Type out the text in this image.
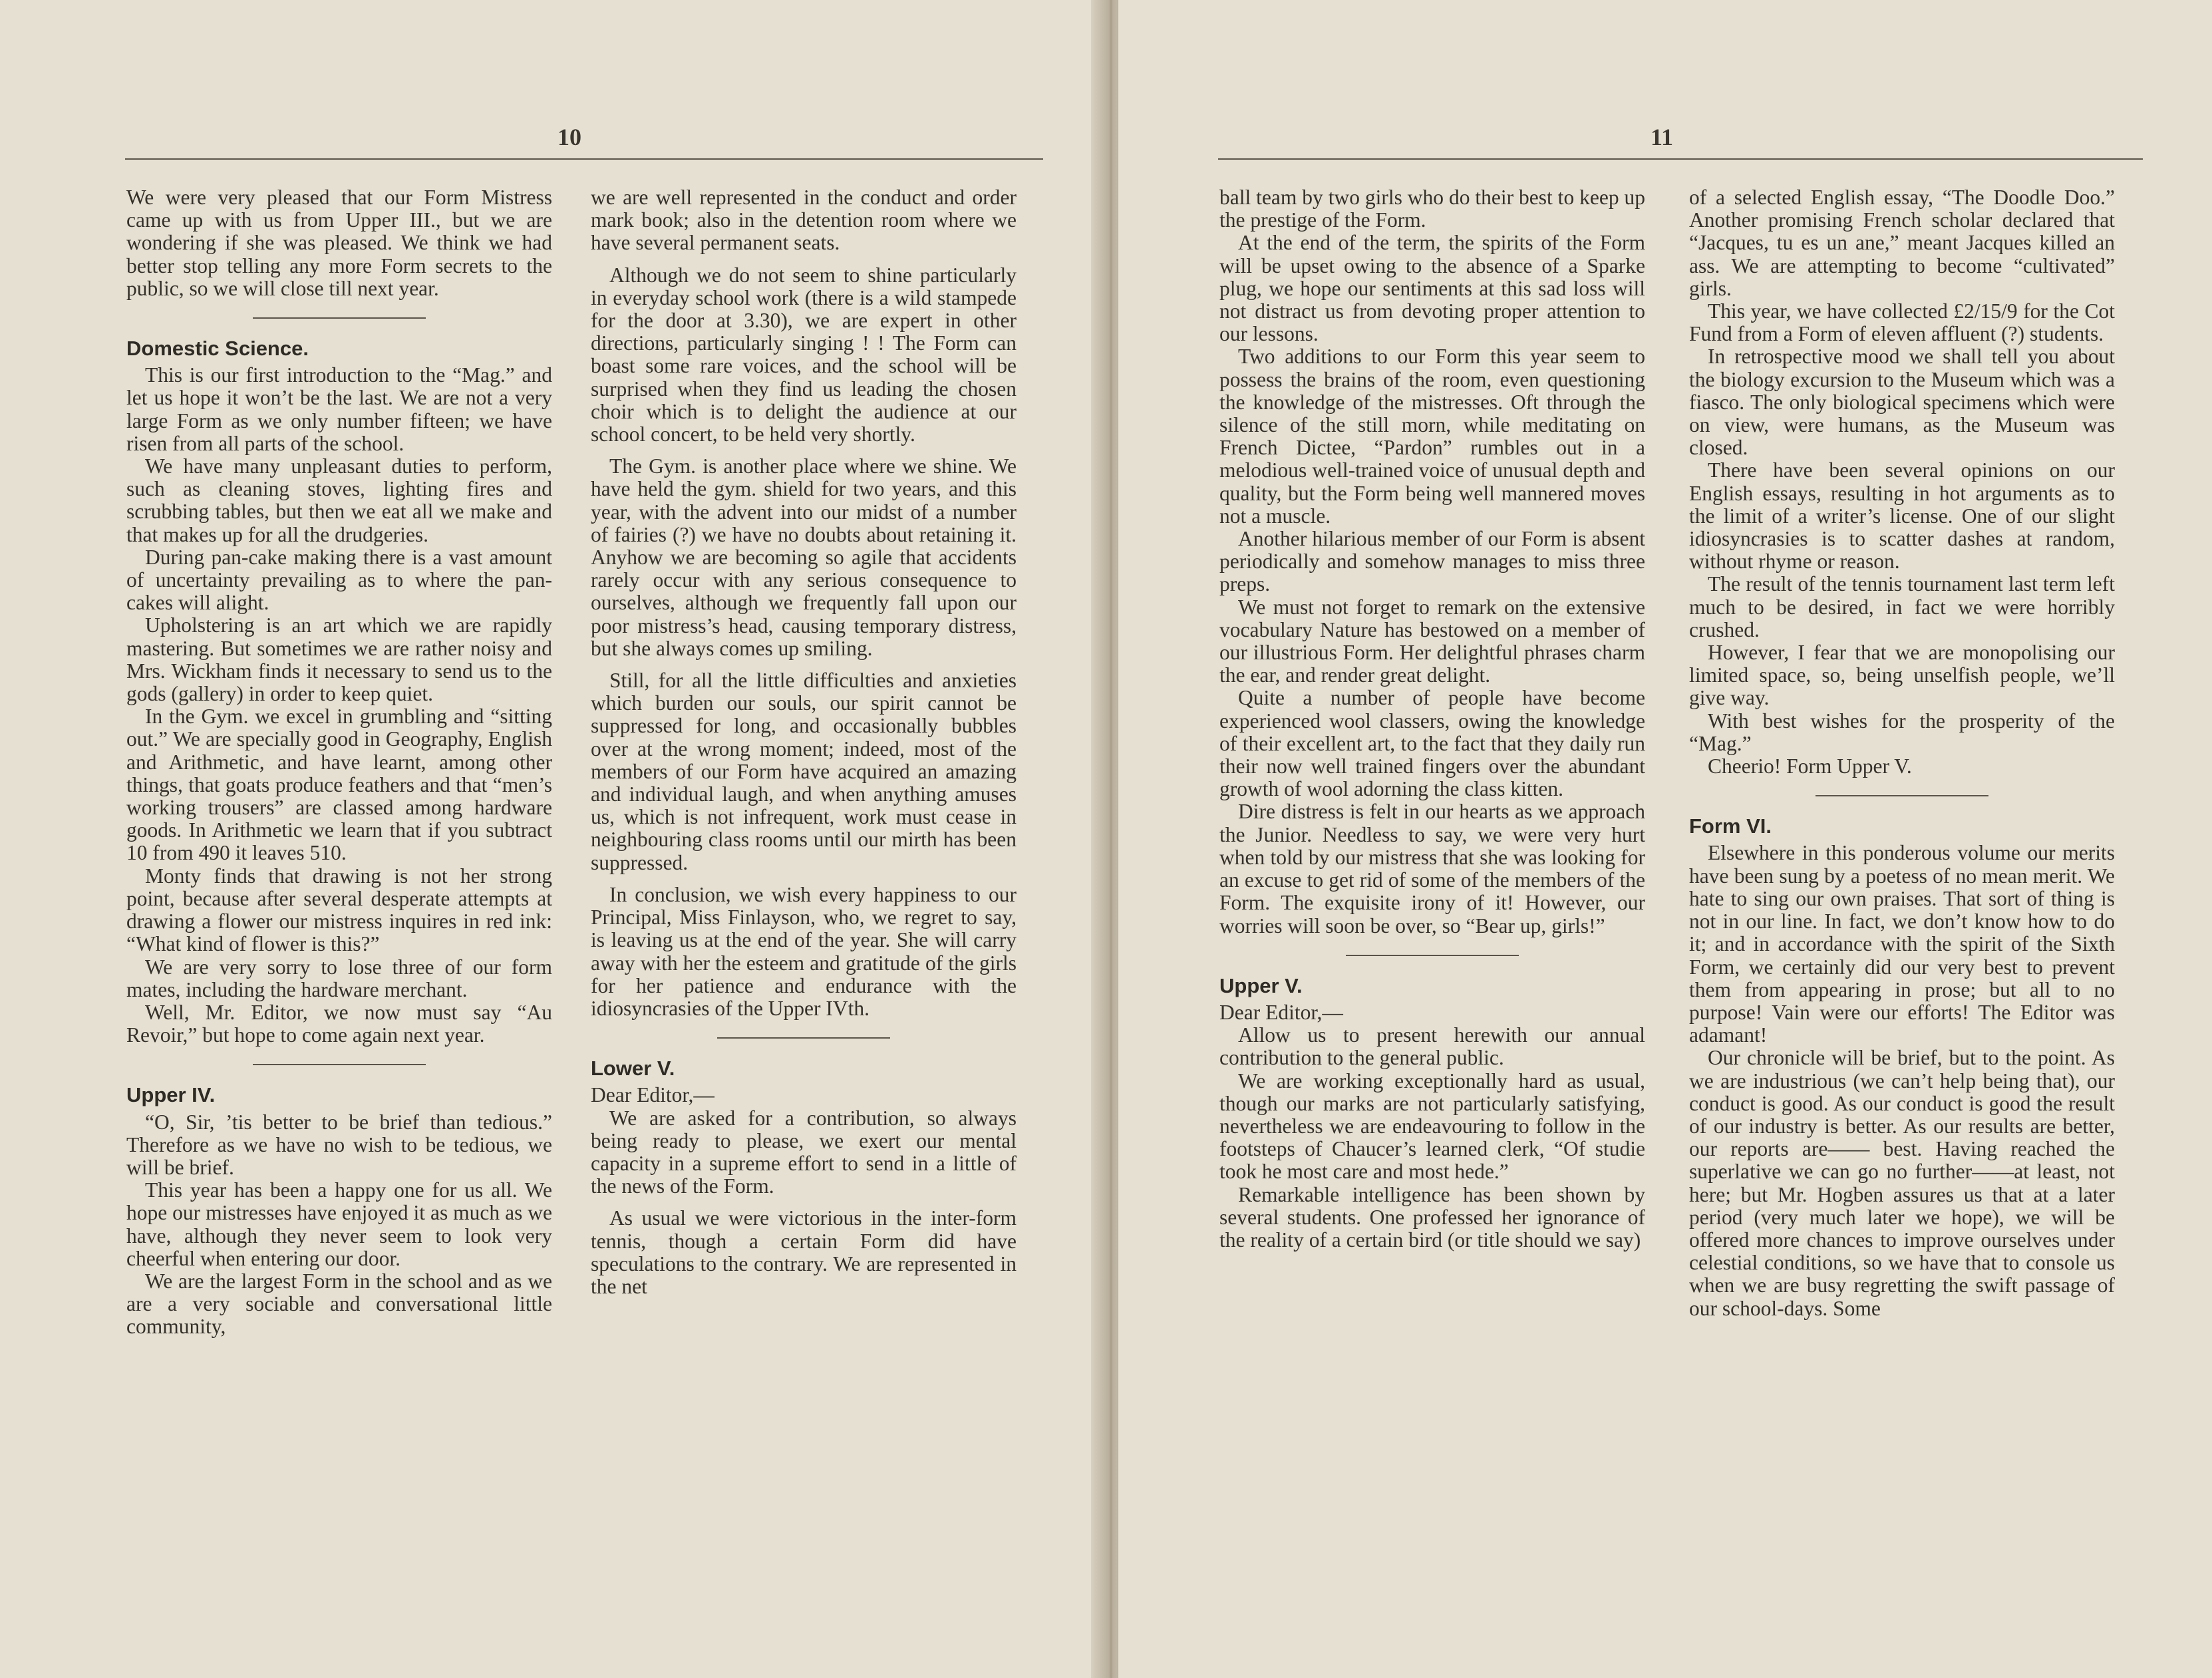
10

We were very pleased that our Form Mistress came up with us from Upper III., but we are wondering if she was pleased. We think we had better stop telling any more Form secrets to the public, so we will close till next year.

Domestic Science.

This is our first introduction to the “Mag.” and let us hope it won’t be the last. We are not a very large Form as we only number fifteen; we have risen from all parts of the school.

We have many unpleasant duties to perform, such as cleaning stoves, lighting fires and scrubbing tables, but then we eat all we make and that makes up for all the drudgeries.

During pan-cake making there is a vast amount of uncertainty prevailing as to where the pan-cakes will alight.

Upholstering is an art which we are rapidly mastering. But sometimes we are rather noisy and Mrs. Wickham finds it necessary to send us to the gods (gallery) in order to keep quiet.

In the Gym. we excel in grumbling and “sitting out.” We are specially good in Geography, English and Arithmetic, and have learnt, among other things, that goats produce feathers and that “men’s working trousers” are classed among hardware goods. In Arithmetic we learn that if you subtract 10 from 490 it leaves 510.

Monty finds that drawing is not her strong point, because after several desperate attempts at drawing a flower our mistress inquires in red ink: “What kind of flower is this?”

We are very sorry to lose three of our form mates, including the hardware merchant.

Well, Mr. Editor, we now must say “Au Revoir,” but hope to come again next year.

Upper IV.

“O, Sir, ’tis better to be brief than tedious.” Therefore as we have no wish to be tedious, we will be brief.

This year has been a happy one for us all. We hope our mistresses have enjoyed it as much as we have, although they never seem to look very cheerful when entering our door.

We are the largest Form in the school and as we are a very sociable and conversational little community,

we are well represented in the conduct and order mark book; also in the detention room where we have several permanent seats.

Although we do not seem to shine particularly in everyday school work (there is a wild stampede for the door at 3.30), we are expert in other directions, particularly singing ! ! The Form can boast some rare voices, and the school will be surprised when they find us leading the chosen choir which is to delight the audience at our school concert, to be held very shortly.

The Gym. is another place where we shine. We have held the gym. shield for two years, and this year, with the advent into our midst of a number of fairies (?) we have no doubts about retaining it. Anyhow we are becoming so agile that accidents rarely occur with any serious consequence to ourselves, although we frequently fall upon our poor mistress’s head, causing temporary distress, but she always comes up smiling.

Still, for all the little difficulties and anxieties which burden our souls, our spirit cannot be suppressed for long, and occasionally bubbles over at the wrong moment; indeed, most of the members of our Form have acquired an amazing and individual laugh, and when anything amuses us, which is not infrequent, work must cease in neighbouring class rooms until our mirth has been suppressed.

In conclusion, we wish every happiness to our Principal, Miss Finlayson, who, we regret to say, is leaving us at the end of the year. She will carry away with her the esteem and gratitude of the girls for her patience and endurance with the idiosyncrasies of the Upper IVth.

Lower V.

Dear Editor,—

We are asked for a contribution, so always being ready to please, we exert our mental capacity in a supreme effort to send in a little of the news of the Form.

As usual we were victorious in the inter-form tennis, though a certain Form did have speculations to the contrary. We are represented in the net

11

ball team by two girls who do their best to keep up the prestige of the Form.

At the end of the term, the spirits of the Form will be upset owing to the absence of a Sparke plug, we hope our sentiments at this sad loss will not distract us from devoting proper attention to our lessons.

Two additions to our Form this year seem to possess the brains of the room, even questioning the knowledge of the mistresses. Oft through the silence of the still morn, while meditating on French Dictee, “Pardon” rumbles out in a melodious well-trained voice of unusual depth and quality, but the Form being well mannered moves not a muscle.

Another hilarious member of our Form is absent periodically and somehow manages to miss three preps.

We must not forget to remark on the extensive vocabulary Nature has bestowed on a member of our illustrious Form. Her delightful phrases charm the ear, and render great delight.

Quite a number of people have become experienced wool classers, owing the knowledge of their excellent art, to the fact that they daily run their now well trained fingers over the abundant growth of wool adorning the class kitten.

Dire distress is felt in our hearts as we approach the Junior. Needless to say, we were very hurt when told by our mistress that she was looking for an excuse to get rid of some of the members of the Form. The exquisite irony of it! However, our worries will soon be over, so “Bear up, girls!”

Upper V.

Dear Editor,—

Allow us to present herewith our annual contribution to the general public.

We are working exceptionally hard as usual, though our marks are not particularly satisfying, nevertheless we are endeavouring to follow in the footsteps of Chaucer’s learned clerk, “Of studie took he most care and most hede.”

Remarkable intelligence has been shown by several students. One professed her ignorance of the reality of a certain bird (or title should we say)

of a selected English essay, “The Doodle Doo.” Another promising French scholar declared that “Jacques, tu es un ane,” meant Jacques killed an ass. We are attempting to become “cultivated” girls.

This year, we have collected £2/15/9 for the Cot Fund from a Form of eleven affluent (?) students.

In retrospective mood we shall tell you about the biology excursion to the Museum which was a fiasco. The only biological specimens which were on view, were humans, as the Museum was closed.

There have been several opinions on our English essays, resulting in hot arguments as to the limit of a writer’s license. One of our slight idiosyncrasies is to scatter dashes at random, without rhyme or reason.

The result of the tennis tournament last term left much to be desired, in fact we were horribly crushed.

However, I fear that we are monopolising our limited space, so, being unselfish people, we’ll give way.

With best wishes for the prosperity of the “Mag.”

Cheerio! Form Upper V.

Form VI.

Elsewhere in this ponderous volume our merits have been sung by a poetess of no mean merit. We hate to sing our own praises. That sort of thing is not in our line. In fact, we don’t know how to do it; and in accordance with the spirit of the Sixth Form, we certainly did our very best to prevent them from appearing in prose; but all to no purpose! Vain were our efforts! The Editor was adamant!

Our chronicle will be brief, but to the point. As we are industrious (we can’t help being that), our conduct is good. As our conduct is good the result of our industry is better. As our results are better, our reports are—— best. Having reached the superlative we can go no further——at least, not here; but Mr. Hogben assures us that at a later period (very much later we hope), we will be offered more chances to improve ourselves under celestial conditions, so we have that to console us when we are busy regretting the swift passage of our school-days. Some
